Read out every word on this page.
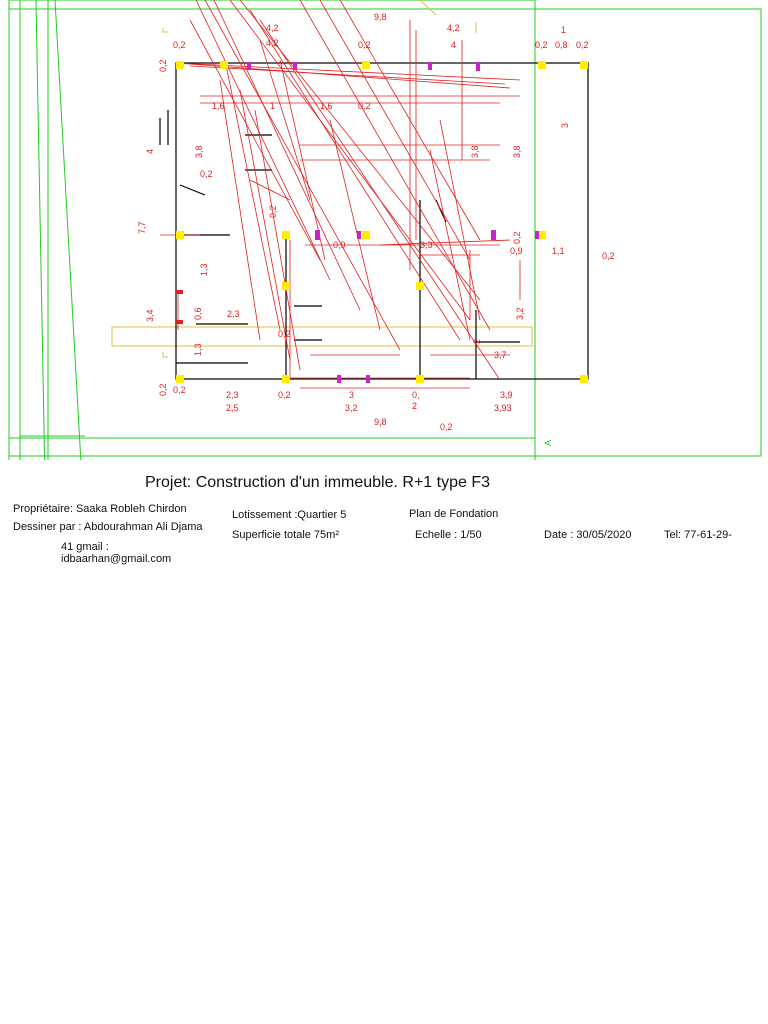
9,8
4,2
4,2
4,2
4
1
0,2	0,2	0,2 0,8 0,2
0,2
4
7,7
3,4
0,2
1,6	1	1,6	0,2
3,8
0,2
0,2
3,8	3,8
3
0,9	3,3
0,2
0,9	1,1	0,2
1,3
0,6	2,3
0,2
3,2
1,3
2
3,7
0,2	2,3
2,5
0,2	3
3,2
0,
2
3,9
3,93
9,8	0,2
A
Projet: Construction d'un immeuble. R+1 type F3
Propriétaire: Saaka Robleh Chirdon
Dessiner par : Abdourahman Ali Djama
Lotissement :Quartier 5
Superficie totale 75m²
Plan de Fondation
Echelle : 1/50	Date : 30/05/2020	Tel: 77-61-29-
41 gmail :
idbaarhan@gmail.com
